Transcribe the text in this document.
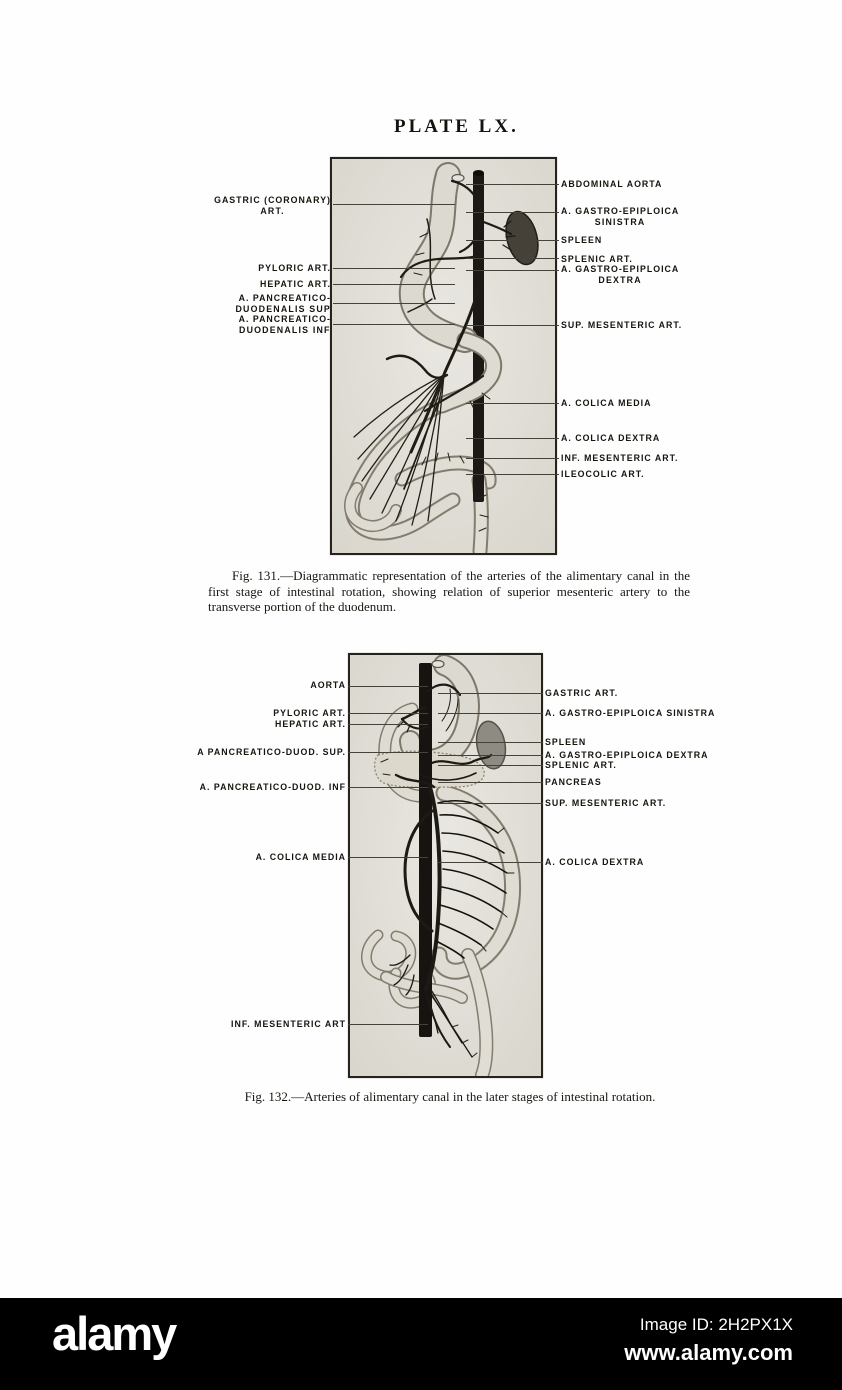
PLATE LX.
GASTRIC (CORONARY)
ART.
PYLORIC ART.
HEPATIC ART.
A. PANCREATICO-
DUODENALIS SUP
A. PANCREATICO-
DUODENALIS INF
ABDOMINAL AORTA
A. GASTRO-EPIPLOICA
SINISTRA
SPLEEN
SPLENIC ART.
A. GASTRO-EPIPLOICA
DEXTRA
SUP. MESENTERIC ART.
A. COLICA MEDIA
A. COLICA DEXTRA
INF. MESENTERIC ART.
ILEOCOLIC ART.

Fig. 131.—Diagrammatic representation of the arteries of the alimentary canal in the first stage of intestinal rotation, showing relation of superior mesenteric artery to the transverse portion of the duodenum.

AORTA
PYLORIC ART.
HEPATIC ART.
A PANCREATICO-DUOD. SUP.
A. PANCREATICO-DUOD. INF
A. COLICA MEDIA
INF. MESENTERIC ART
GASTRIC ART.
A. GASTRO-EPIPLOICA SINISTRA
SPLEEN
A. GASTRO-EPIPLOICA DEXTRA
SPLENIC ART.
PANCREAS
SUP. MESENTERIC ART.
A. COLICA DEXTRA

Fig. 132.—Arteries of alimentary canal in the later stages of intestinal rotation.

alamy	Image ID: 2H2PX1X
www.alamy.com
